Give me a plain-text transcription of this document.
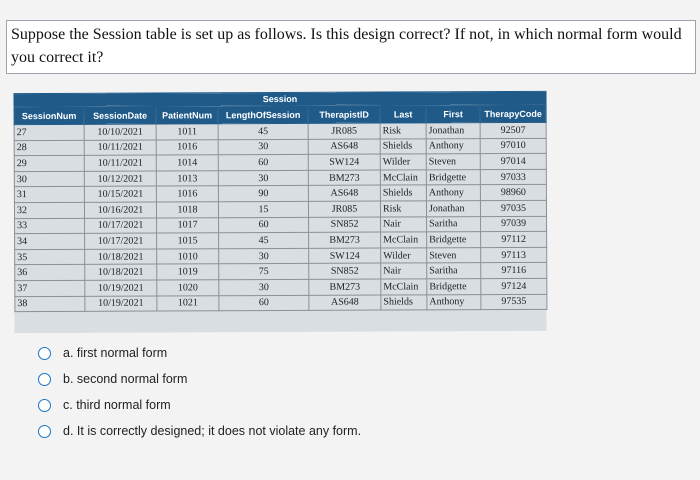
Suppose the Session table is set up as follows. Is this design correct? If not, in which normal form would
you correct it?
Session							
SessionNum	SessionDate	PatientNum	LengthOfSession	TherapistID	Last	First	TherapyCode
27	10/10/2021	1011	45	JR085	Risk	Jonathan	92507
28	10/11/2021	1016	30	AS648	Shields	Anthony	97010
29	10/11/2021	1014	60	SW124	Wilder	Steven	97014
30	10/12/2021	1013	30	BM273	McClain	Bridgette	97033
31	10/15/2021	1016	90	AS648	Shields	Anthony	98960
32	10/16/2021	1018	15	JR085	Risk	Jonathan	97035
33	10/17/2021	1017	60	SN852	Nair	Saritha	97039
34	10/17/2021	1015	45	BM273	McClain	Bridgette	97112
35	10/18/2021	1010	30	SW124	Wilder	Steven	97113
36	10/18/2021	1019	75	SN852	Nair	Saritha	97116
37	10/19/2021	1020	30	BM273	McClain	Bridgette	97124
38	10/19/2021	1021	60	AS648	Shields	Anthony	97535
a. first normal form
b. second normal form
c. third normal form
d. It is correctly designed; it does not violate any form.
